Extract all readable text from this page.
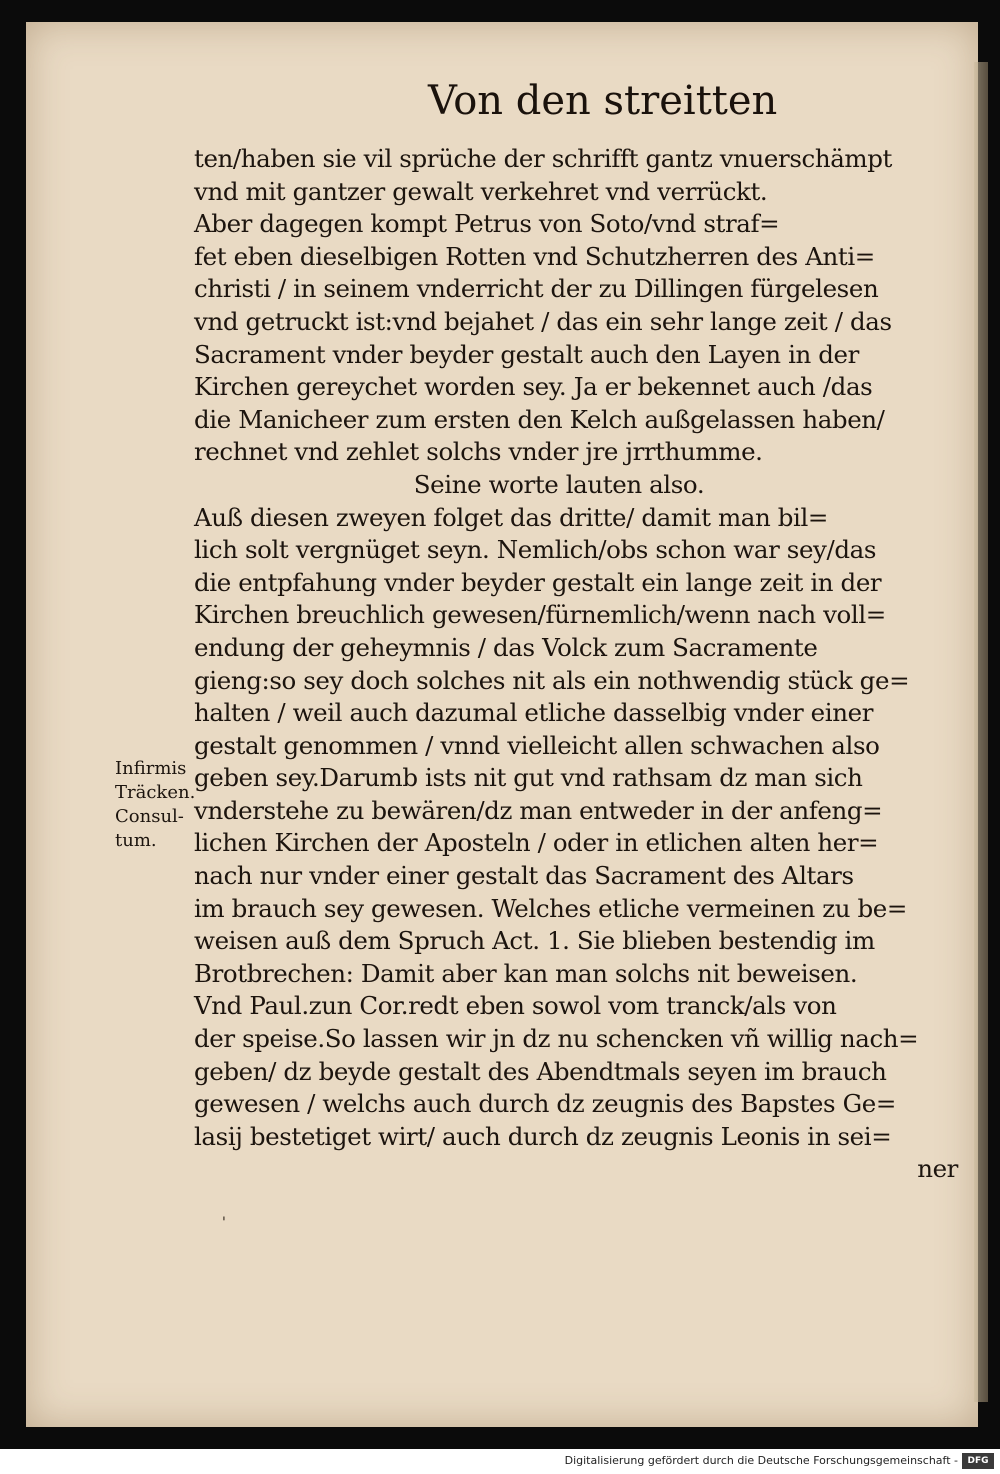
Von den streitten
ten/haben sie vil sprüche der schrifft gantz vnuerschämpt
vnd mit gantzer gewalt verkehret vnd verrückt.
Aber dagegen kompt Petrus von Soto/vnd straf=
fet eben dieselbigen Rotten vnd Schutzherren des Anti=
christi / in seinem vnderricht der zu Dillingen fürgelesen
vnd getruckt ist:vnd bejahet / das ein sehr lange zeit / das
Sacrament vnder beyder gestalt auch den Layen in der
Kirchen gereychet worden sey. Ja er bekennet auch /das
die Manicheer zum ersten den Kelch außgelassen haben/
rechnet vnd zehlet solchs vnder jre jrrthumme.
Seine worte lauten also.
Auß diesen zweyen folget das dritte/ damit man bil=
lich solt vergnüget seyn. Nemlich/obs schon war sey/das
die entpfahung vnder beyder gestalt ein lange zeit in der
Kirchen breuchlich gewesen/fürnemlich/wenn nach voll=
endung der geheymnis / das Volck zum Sacramente
gieng:so sey doch solches nit als ein nothwendig stück ge=
halten / weil auch dazumal etliche dasselbig vnder einer
gestalt genommen / vnnd vielleicht allen schwachen also
geben sey.Darumb ists nit gut vnd rathsam dz man sich
vnderstehe zu bewären/dz man entweder in der anfeng=
lichen Kirchen der Aposteln / oder in etlichen alten her=
nach nur vnder einer gestalt das Sacrament des Altars
im brauch sey gewesen. Welches etliche vermeinen zu be=
weisen auß dem Spruch Act. 1. Sie blieben bestendig im
Brotbrechen: Damit aber kan man solchs nit beweisen.
Vnd Paul.zun Cor.redt eben sowol vom tranck/als von
der speise.So lassen wir jn dz nu schencken vñ willig nach=
geben/ dz beyde gestalt des Abendtmals seyen im brauch
gewesen / welchs auch durch dz zeugnis des Bapstes Ge=
lasij bestetiget wirt/ auch durch dz zeugnis Leonis in sei=
ner
Infirmis
Träcken.
Consul-
tum.
'
Digitalisierung gefördert durch die Deutsche Forschungsgemeinschaft -	DFG
